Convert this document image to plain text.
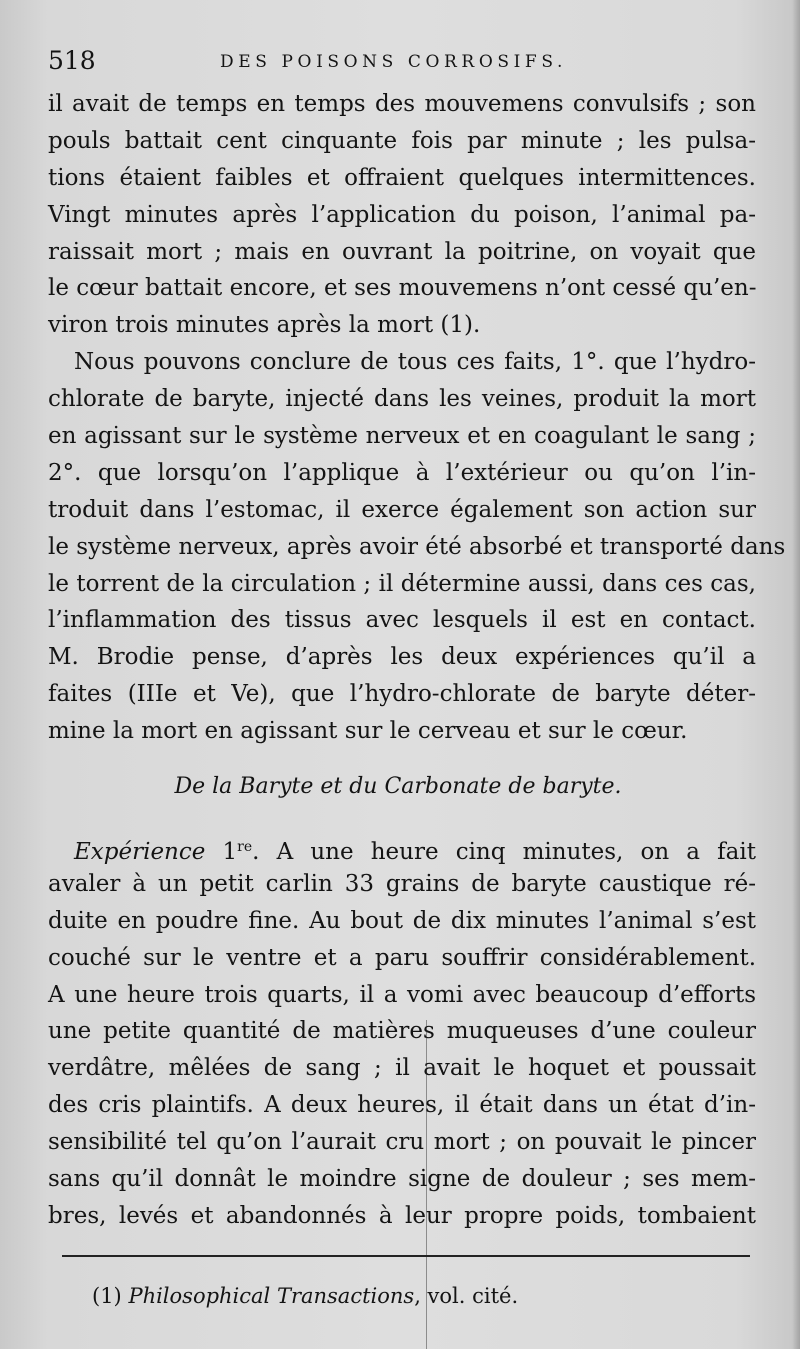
518	DES POISONS CORROSIFS.
il avait de temps en temps des mouvemens convulsifs ; son
pouls battait cent cinquante fois par minute ; les pulsa-
tions étaient faibles et offraient quelques intermittences.
Vingt minutes après l’application du poison, l’animal pa-
raissait mort ; mais en ouvrant la poitrine, on voyait que
le cœur battait encore, et ses mouvemens n’ont cessé qu’en-
viron trois minutes après la mort (1).
Nous pouvons conclure de tous ces faits, 1°. que l’hydro-
chlorate de baryte, injecté dans les veines, produit la mort
en agissant sur le système nerveux et en coagulant le sang ;
2°. que lorsqu’on l’applique à l’extérieur ou qu’on l’in-
troduit dans l’estomac, il exerce également son action sur
le système nerveux, après avoir été absorbé et transporté dans
le torrent de la circulation ; il détermine aussi, dans ces cas,
l’inflammation des tissus avec lesquels il est en contact.
M. Brodie pense, d’après les deux expériences qu’il a
faites (IIIe et Ve), que l’hydro-chlorate de baryte déter-
mine la mort en agissant sur le cerveau et sur le cœur.
De la Baryte et du Carbonate de baryte.
Expérience 1re. A une heure cinq minutes, on a fait
avaler à un petit carlin 33 grains de baryte caustique ré-
duite en poudre fine. Au bout de dix minutes l’animal s’est
couché sur le ventre et a paru souffrir considérablement.
A une heure trois quarts, il a vomi avec beaucoup d’efforts
une petite quantité de matières muqueuses d’une couleur
verdâtre, mêlées de sang ; il avait le hoquet et poussait
des cris plaintifs. A deux heures, il était dans un état d’in-
sensibilité tel qu’on l’aurait cru mort ; on pouvait le pincer
sans qu’il donnât le moindre signe de douleur ; ses mem-
bres, levés et abandonnés à leur propre poids, tombaient
(1) Philosophical Transactions, vol. cité.
